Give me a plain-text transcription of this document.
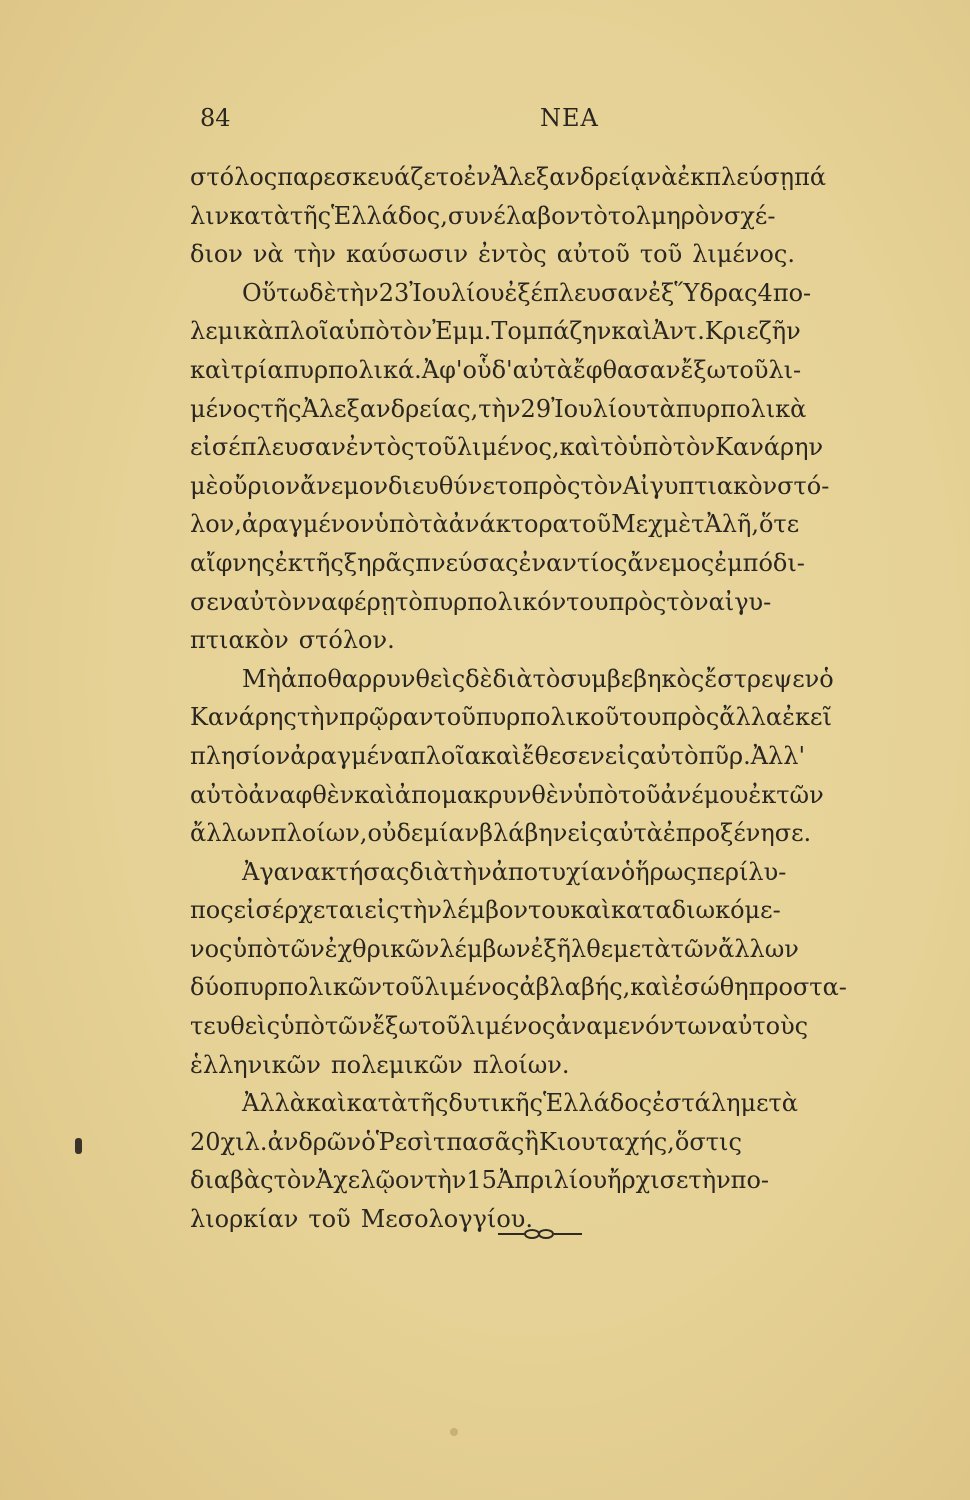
84	ΝΕΑ
στόλος παρεσκευάζετο ἐν Ἀλεξανδρείᾳ νὰ ἐκπλεύσῃ πά
λιν κατὰ τῆς Ἑλλάδος, συνέλαβον τὸ τολμηρὸν σχέ-
διον νὰ τὴν καύσωσιν ἐντὸς αὐτοῦ τοῦ λιμένος.
Οὕτω δὲ τὴν 23 Ἰουλίου ἐξέπλευσαν ἐξ Ὕδρας 4 πο-
λεμικὰ πλοῖα ὑπὸ τὸν Ἐμμ. Τομπάζην καὶ Ἀντ. Κριεζῆν
καὶ τρία πυρπολικά. Ἀφ' οὗ δ' αὐτὰ ἔφθασαν ἔξω τοῦ λι-
μένος τῆς Ἀλεξανδρείας, τὴν 29 Ἰουλίου τὰ πυρπολικὰ
εἰσέπλευσαν ἐντὸς τοῦ λιμένος, καὶ τὸ ὑπὸ τὸν Κανάρην
μὲ οὔριον ἄνεμον διευθύνετο πρὸς τὸν Αἰγυπτιακὸν στό-
λον, ἀραγμένον ὑπὸ τὰ ἀνάκτορα τοῦ Μεχμὲτ Ἀλῆ, ὅτε
αἴφνης ἐκ τῆς ξηρᾶς πνεύσας ἐναντίος ἄνεμος ἐμπόδι-
σεν αὐτὸν να φέρῃ τὸ πυρπολικόν του πρὸς τὸν αἰγυ-
πτιακὸν στόλον.
Μὴ ἀποθαρρυνθεὶς δὲ διὰ τὸ συμβεβηκὸς ἔστρεψεν ὁ
Κανάρης τὴν πρῷραν τοῦ πυρπολικοῦ του πρὸς ἄλλα ἐκεῖ
πλησίον ἀραγμένα πλοῖα καὶ ἔθεσεν εἰς αὐτὸ πῦρ. Ἀλλ'
αὐτὸ ἀναφθὲν καὶ ἀπομακρυνθὲν ὑπὸ τοῦ ἀνέμου ἐκ τῶν
ἄλλων πλοίων, οὐδεμίαν βλάβην εἰς αὐτὰ ἐπροξένησε.
Ἀγανακτήσας διὰ τὴν ἀποτυχίαν ὁ ἥρως περίλυ-
πος εἰσέρχεται εἰς τὴν λέμβον του καὶ καταδιωκόμε-
νος ὑπὸ τῶν ἐχθρικῶν λέμβων ἐξῆλθε μετὰ τῶν ἄλλων
δύο πυρπολικῶν τοῦ λιμένος ἀβλαβής, καὶ ἐσώθη προστα-
τευθεὶς ὑπὸ τῶν ἔξω τοῦ λιμένος ἀναμενόντων αὐτοὺς
ἑλληνικῶν πολεμικῶν πλοίων.
Ἀλλὰ καὶ κατὰ τῆς δυτικῆς Ἑλλάδος ἐστάλη μετὰ
20 χιλ. ἀνδρῶν ὁ Ῥεσὶτ πασᾶς ἢ Κιουταχής, ὅστις
διαβὰς τὸν Ἀχελῷον τὴν 15 Ἀπριλίου ἤρχισε τὴν πο-
λιορκίαν τοῦ Μεσολογγίου.
